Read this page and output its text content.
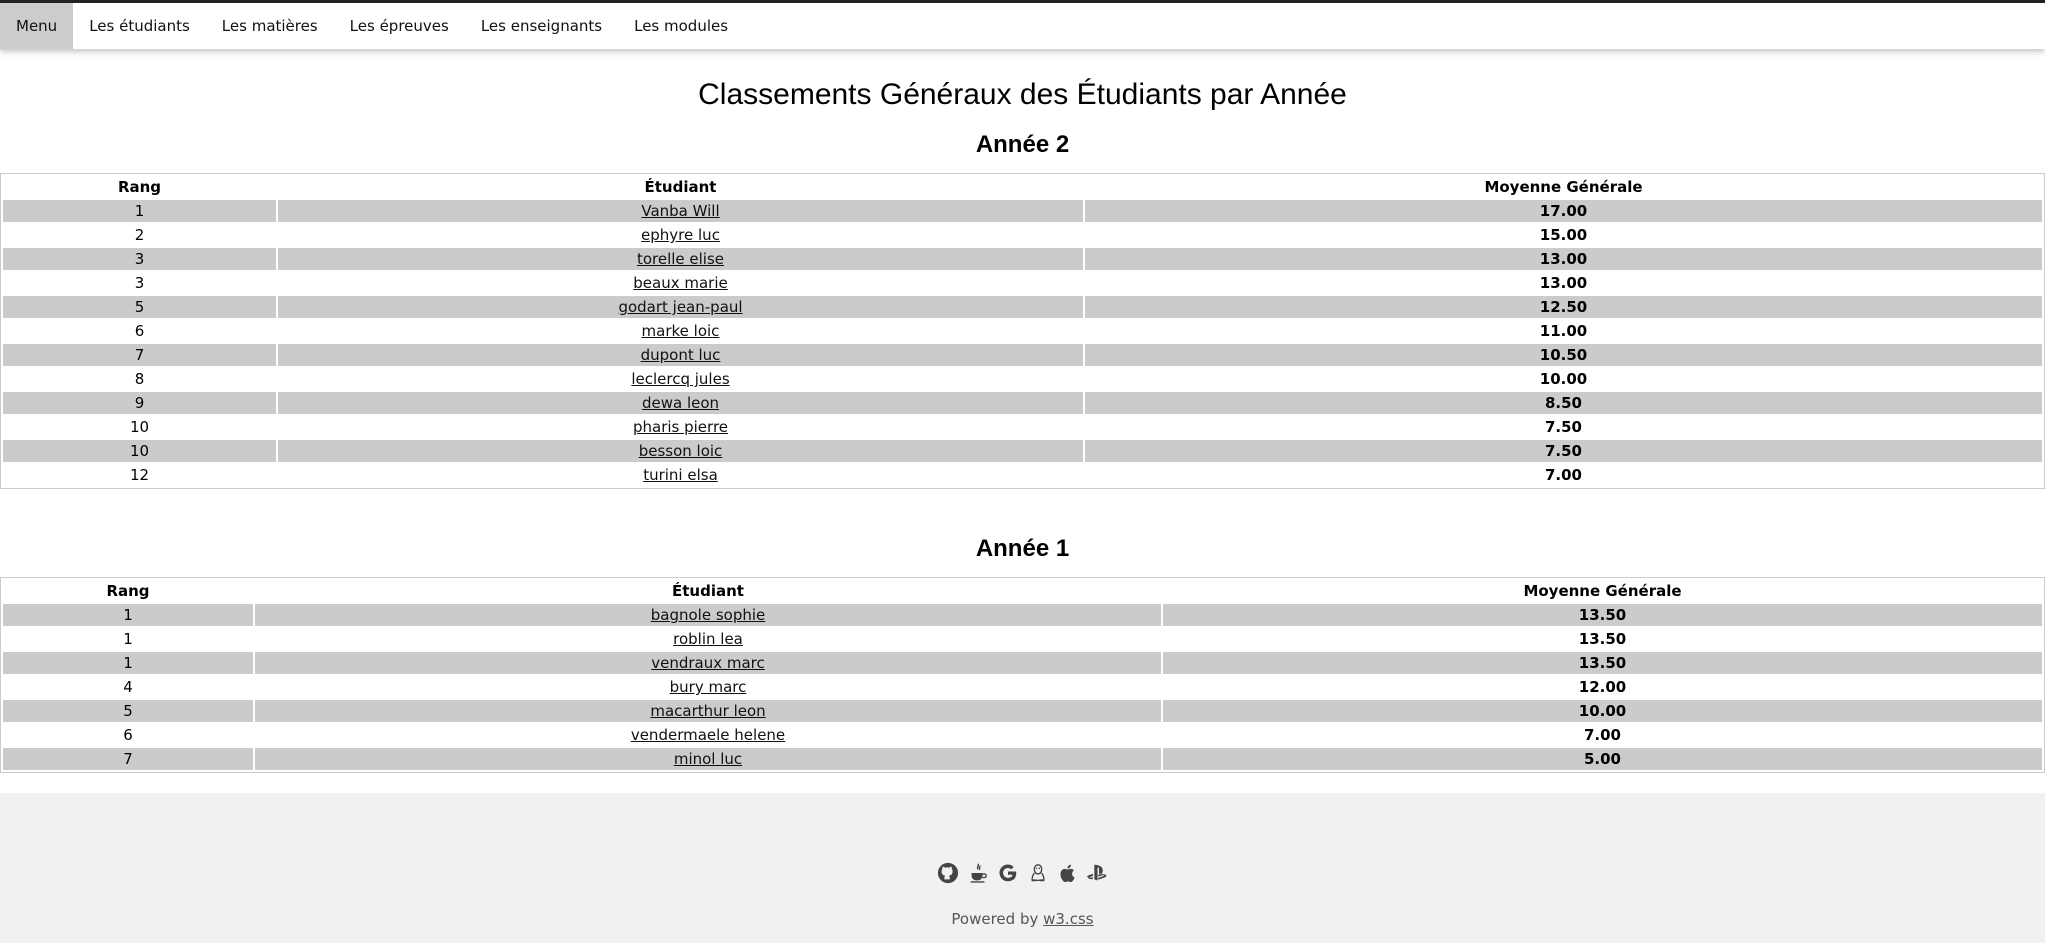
Menu	Les étudiants	Les matières	Les épreuves	Les enseignants	Les modules
Classements Généraux des Étudiants par Année
Année 2
Rang	Étudiant	Moyenne Générale
1	Vanba Will	17.00
2	ephyre luc	15.00
3	torelle elise	13.00
3	beaux marie	13.00
5	godart jean-paul	12.50
6	marke loic	11.00
7	dupont luc	10.50
8	leclercq jules	10.00
9	dewa leon	8.50
10	pharis pierre	7.50
10	besson loic	7.50
12	turini elsa	7.00
Année 1
Rang	Étudiant	Moyenne Générale
1	bagnole sophie	13.50
1	roblin lea	13.50
1	vendraux marc	13.50
4	bury marc	12.00
5	macarthur leon	10.00
6	vendermaele helene	7.00
7	minol luc	5.00
Powered by w3.css
